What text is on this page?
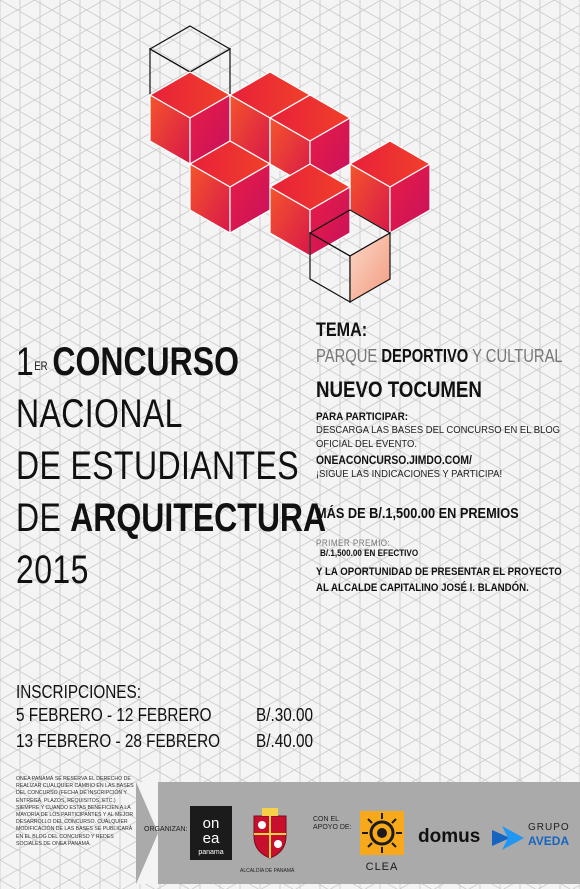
1ER CONCURSO
NACIONAL
DE ESTUDIANTES
DE ARQUITECTURA
2015
TEMA:
PARQUE DEPORTIVO Y CULTURAL
NUEVO TOCUMEN
PARA PARTICIPAR:
DESCARGA LAS BASES DEL CONCURSO EN EL BLOG OFICIAL DEL EVENTO.
ONEACONCURSO.JIMDO.COM/
¡SIGUE LAS INDICACIONES Y PARTICIPA!
MÁS DE B/.1,500.00 EN PREMIOS
PRIMER PREMIO:
B/.1,500.00 EN EFECTIVO
Y LA OPORTUNIDAD DE PRESENTAR EL PROYECTO AL ALCALDE CAPITALINO JOSÉ I. BLANDÓN.
INSCRIPCIONES:
5 FEBRERO - 12 FEBRERO B/.30.00
13 FEBRERO - 28 FEBRERO B/.40.00
ONEA PANAMÁ SE RESERVA EL DERECHO DE REALIZAR CUALQUIER CAMBIO EN LAS BASES DEL CONCURSO (FECHA DE INSCRIPCIÓN Y ENTREGA, PLAZOS, REQUISITOS, ETC.) SIEMPRE Y CUANDO ESTAS BENEFICIEN A LA MAYORÍA DE LOS PARTICIPANTES Y AL MEJOR DESARROLLO DEL CONCURSO. CUALQUIER MODIFICACIÓN DE LAS BASES SE PUBLICARÁ EN EL BLOG DEL CONCURSO Y REDES SOCIALES DE ONEA PANAMÁ.
ORGANIZAN:	on
ea
panama
ALCALDÍA DE PANAMÁ
CON EL APOYO DE:
CLEA
domus	GRUPO
AVEDA
